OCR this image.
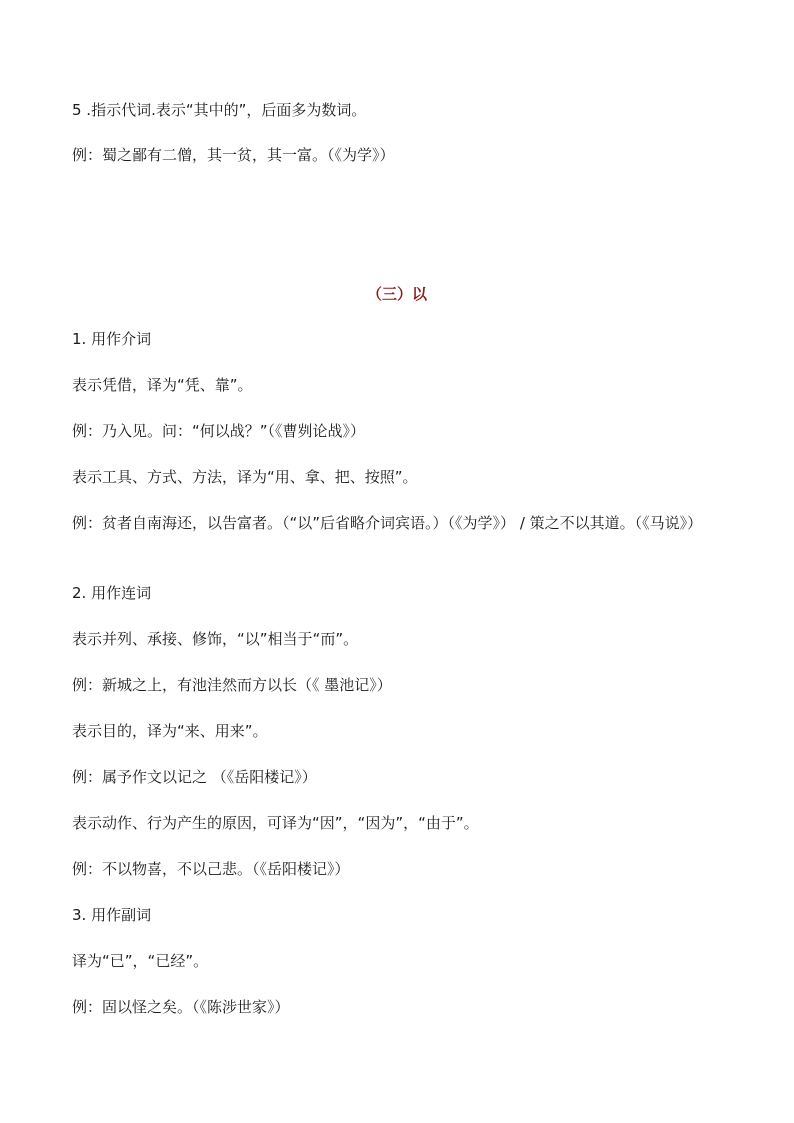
5 .指示代词.表示“其中的”，后面多为数词。
例：蜀之鄙有二僧，其一贫，其一富。（《为学》）
（三）以
1. 用作介词
表示凭借，译为“凭、靠”。
例：乃入见。问：“何以战？”（《曹刿论战》）
表示工具、方式、方法，译为“用、拿、把、按照”。
例：贫者自南海还，以告富者。（“以”后省略介词宾语。）（《为学》） / 策之不以其道。（《马说》）
2. 用作连词
表示并列、承接、修饰，“以”相当于“而”。
例：新城之上，有池洼然而方以长（《 墨池记》）
表示目的，译为“来、用来”。
例：属予作文以记之 （《岳阳楼记》）
表示动作、行为产生的原因，可译为“因”，“因为”，“由于”。
例：不以物喜，不以己悲。（《岳阳楼记》）
3. 用作副词
译为“已”，“已经”。
例：固以怪之矣。（《陈涉世家》）
